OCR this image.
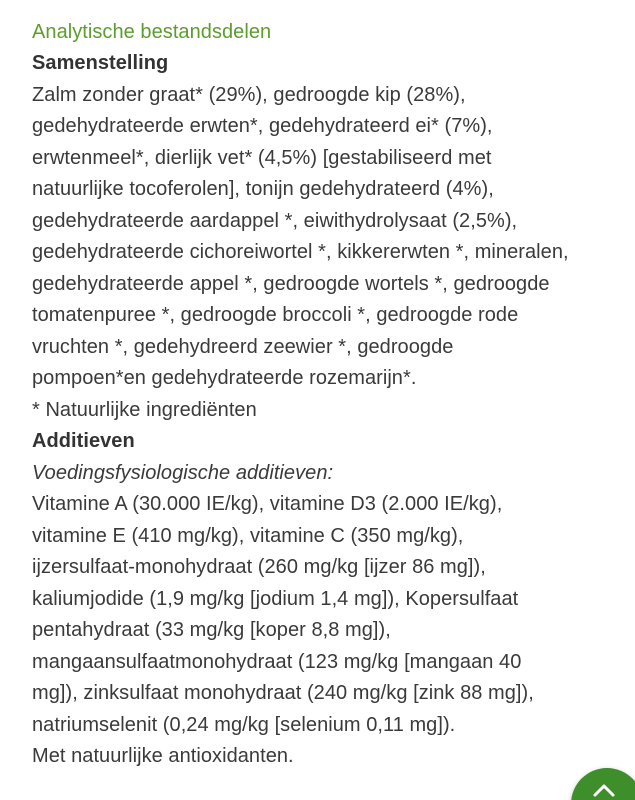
Analytische bestandsdelen
Samenstelling
Zalm zonder graat* (29%), gedroogde kip (28%),
gedehydrateerde erwten*, gedehydrateerd ei* (7%),
erwtenmeel*, dierlijk vet* (4,5%) [gestabiliseerd met
natuurlijke tocoferolen], tonijn gedehydrateerd (4%),
gedehydrateerde aardappel *, eiwithydrolysaat (2,5%),
gedehydrateerde cichoreiwortel *, kikkererwten *, mineralen,
gedehydrateerde appel *, gedroogde wortels *, gedroogde
tomatenpuree *, gedroogde broccoli *, gedroogde rode
vruchten *, gedehydreerd zeewier *, gedroogde
pompoen*en gedehydrateerde rozemarijn*.
* Natuurlijke ingrediënten
Additieven
Voedingsfysiologische additieven:
Vitamine A (30.000 IE/kg), vitamine D3 (2.000 IE/kg),
vitamine E (410 mg/kg), vitamine C (350 mg/kg),
ijzersulfaat-monohydraat (260 mg/kg [ijzer 86 mg]),
kaliumjodide (1,9 mg/kg [jodium 1,4 mg]), Kopersulfaat
pentahydraat (33 mg/kg [koper 8,8 mg]),
mangaansulfaatmonohydraat (123 mg/kg [mangaan 40
mg]), zinksulfaat monohydraat (240 mg/kg [zink 88 mg]),
natriumselenit (0,24 mg/kg [selenium 0,11 mg]).
Met natuurlijke antioxidanten.
